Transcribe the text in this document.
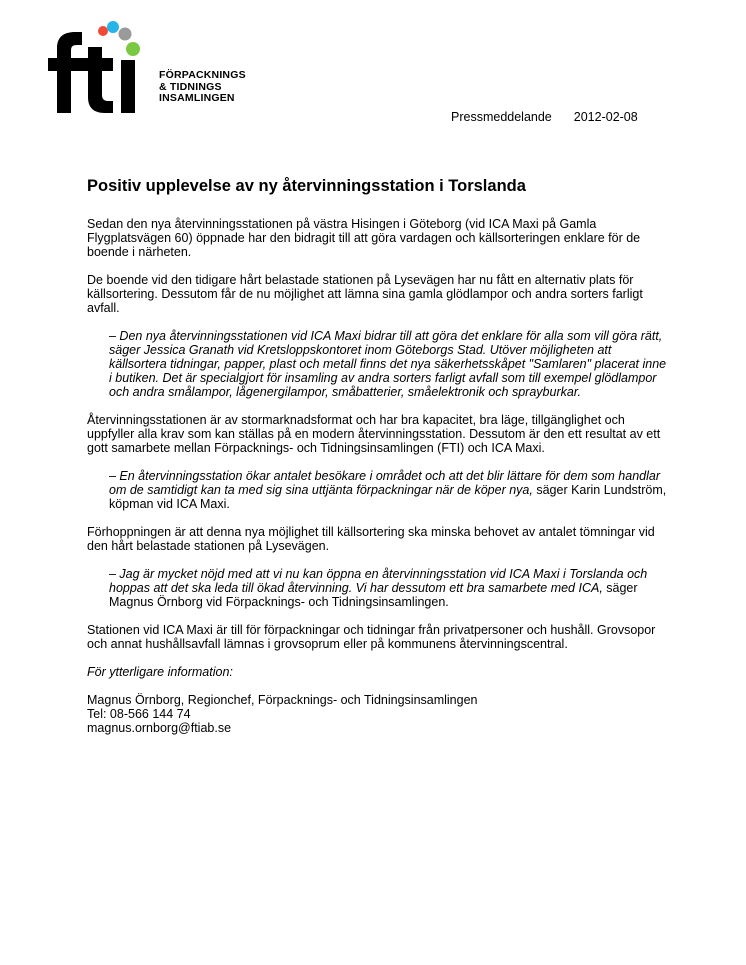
FÖRPACKNINGS
& TIDNINGS
INSAMLINGEN
Pressmeddelande 2012-02-08
Positiv upplevelse av ny återvinningsstation i Torslanda

Sedan den nya återvinningsstationen på västra Hisingen i Göteborg (vid ICA Maxi på Gamla Flygplatsvägen 60) öppnade har den bidragit till att göra vardagen och källsorteringen enklare för de boende i närheten.

De boende vid den tidigare hårt belastade stationen på Lysevägen har nu fått en alternativ plats för källsortering. Dessutom får de nu möjlighet att lämna sina gamla glödlampor och andra sorters farligt avfall.

– Den nya återvinningsstationen vid ICA Maxi bidrar till att göra det enklare för alla som vill göra rätt, säger Jessica Granath vid Kretsloppskontoret inom Göteborgs Stad. Utöver möjligheten att källsortera tidningar, papper, plast och metall finns det nya säkerhetsskåpet "Samlaren" placerat inne i butiken. Det är specialgjort för insamling av andra sorters farligt avfall som till exempel glödlampor och andra smålampor, lågenergilampor, småbatterier, småelektronik och sprayburkar.

Återvinningsstationen är av stormarknadsformat och har bra kapacitet, bra läge, tillgänglighet och uppfyller alla krav som kan ställas på en modern återvinningsstation. Dessutom är den ett resultat av ett gott samarbete mellan Förpacknings- och Tidningsinsamlingen (FTI) och ICA Maxi.

– En återvinningsstation ökar antalet besökare i området och att det blir lättare för dem som handlar om de samtidigt kan ta med sig sina uttjänta förpackningar när de köper nya, säger Karin Lundström, köpman vid ICA Maxi.

Förhoppningen är att denna nya möjlighet till källsortering ska minska behovet av antalet tömningar vid den hårt belastade stationen på Lysevägen.

– Jag är mycket nöjd med att vi nu kan öppna en återvinningsstation vid ICA Maxi i Torslanda och hoppas att det ska leda till ökad återvinning. Vi har dessutom ett bra samarbete med ICA, säger Magnus Örnborg vid Förpacknings- och Tidningsinsamlingen.

Stationen vid ICA Maxi är till för förpackningar och tidningar från privatpersoner och hushåll. Grovsopor och annat hushållsavfall lämnas i grovsoprum eller på kommunens återvinningscentral.

För ytterligare information:

Magnus Örnborg, Regionchef, Förpacknings- och Tidningsinsamlingen
Tel: 08-566 144 74
magnus.ornborg@ftiab.se
